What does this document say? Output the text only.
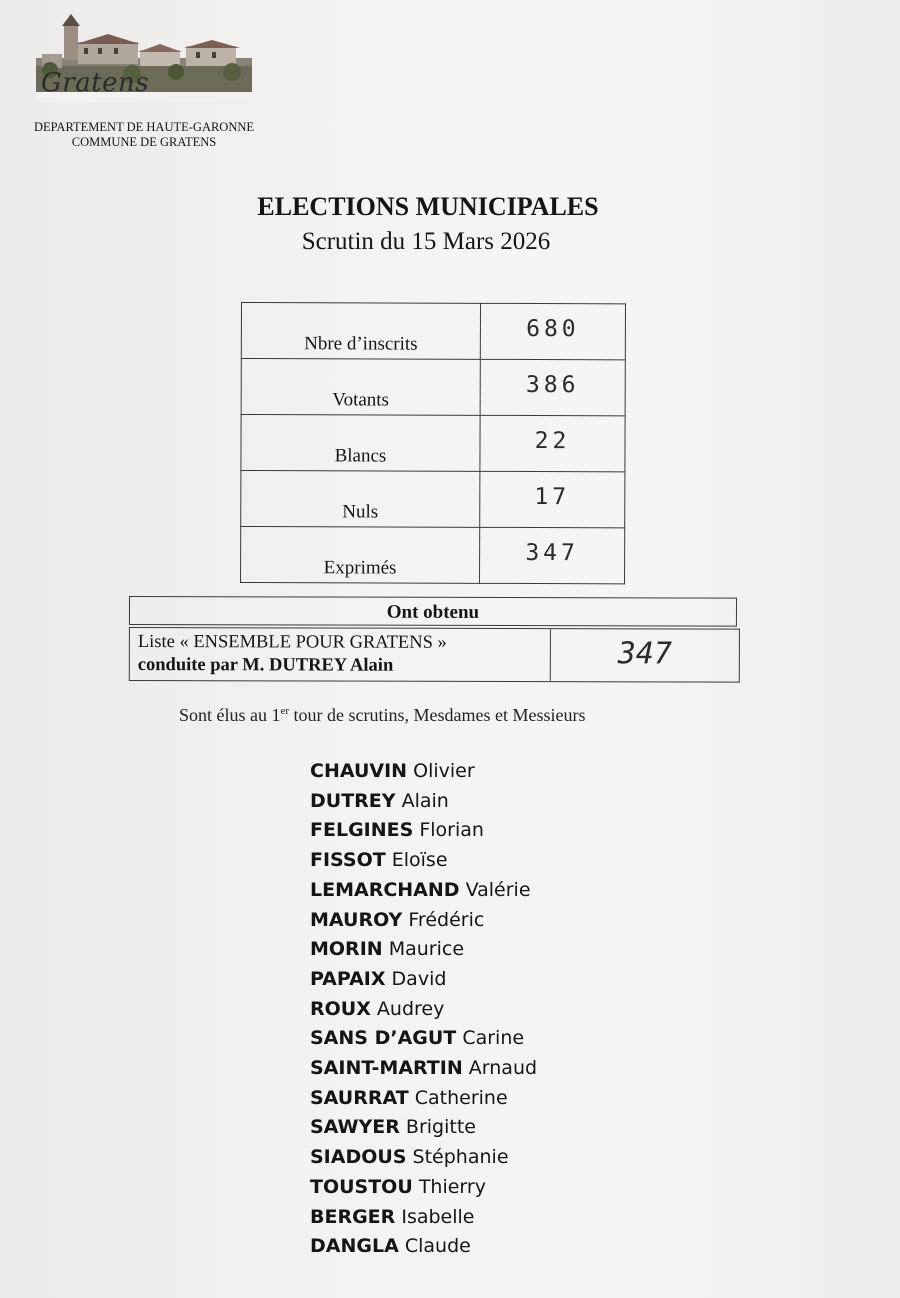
Gratens
DEPARTEMENT DE HAUTE-GARONNE
COMMUNE DE GRATENS
ELECTIONS MUNICIPALES
Scrutin du 15 Mars 2026
Nbre d’inscrits	680
Votants	386
Blancs	22
Nuls	17
Exprimés	347
Ont obtenu
Liste « ENSEMBLE POUR GRATENS »
conduite par M. DUTREY Alain	347
Sont élus au 1er tour de scrutins, Mesdames et Messieurs
CHAUVIN Olivier
DUTREY Alain
FELGINES Florian
FISSOT Eloïse
LEMARCHAND Valérie
MAUROY Frédéric
MORIN Maurice
PAPAIX David
ROUX Audrey
SANS D’AGUT Carine
SAINT-MARTIN Arnaud
SAURRAT Catherine
SAWYER Brigitte
SIADOUS Stéphanie
TOUSTOU Thierry
BERGER Isabelle
DANGLA Claude
